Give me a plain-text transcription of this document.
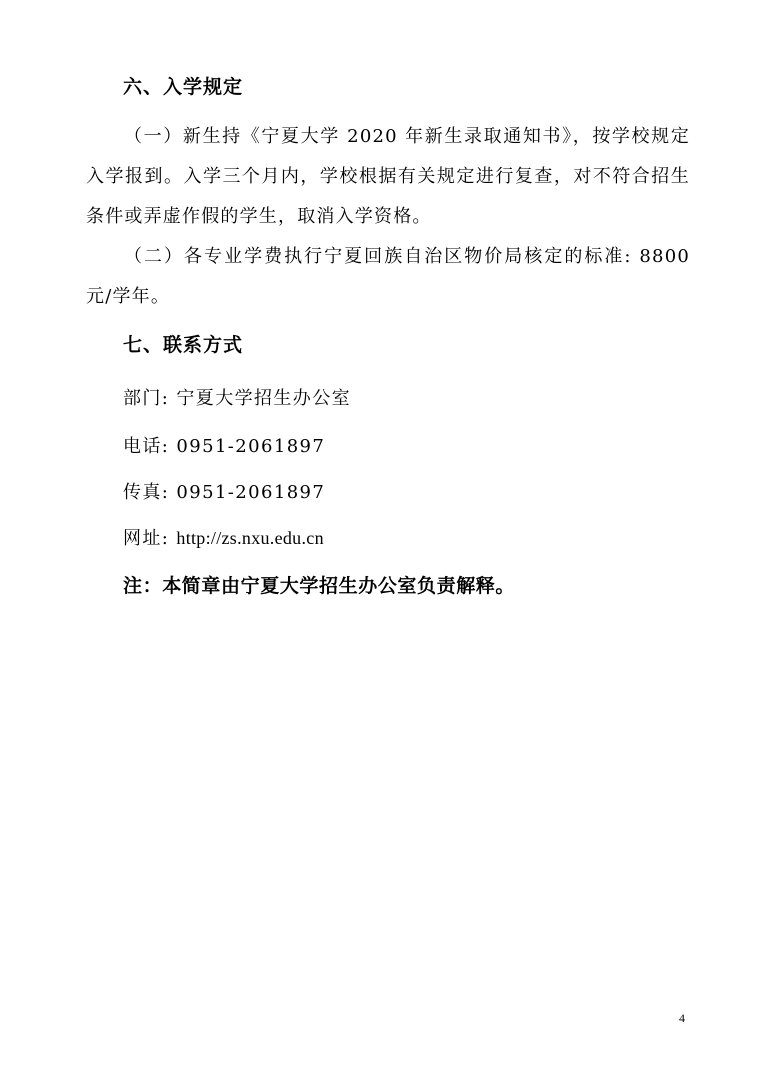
六、入学规定
（一）新生持《宁夏大学 2020 年新生录取通知书》，按学校规定入学报到。入学三个月内，学校根据有关规定进行复查，对不符合招生条件或弄虚作假的学生，取消入学资格。
（二）各专业学费执行宁夏回族自治区物价局核定的标准: 8800元/学年。
七、联系方式
部门: 宁夏大学招生办公室
电话: 0951-2061897
传真: 0951-2061897
网址: http://zs.nxu.edu.cn
注：本简章由宁夏大学招生办公室负责解释。
4
